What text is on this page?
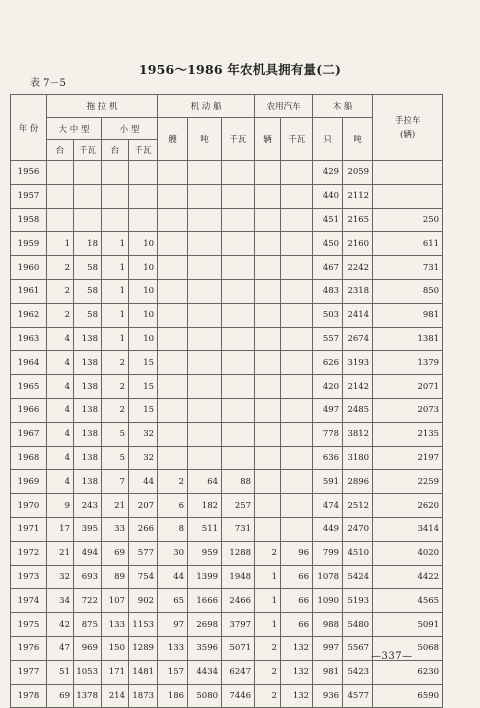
1956～1986 年农机具拥有量(二)
表 7－5
年 份	拖 拉 机				机 动 船			农用汽车		木 船		手拉车
(辆)

	大 中 型		小 型		艘	吨	千瓦	辆	千瓦	只	吨	
	台	千瓦	台	千瓦								
1956										429	2059	
1957										440	2112	
1958										451	2165	250
1959	1	18	1	10						450	2160	611
1960	2	58	1	10						467	2242	731
1961	2	58	1	10						483	2318	850
1962	2	58	1	10						503	2414	981
1963	4	138	1	10						557	2674	1381
1964	4	138	2	15						626	3193	1379
1965	4	138	2	15						420	2142	2071
1966	4	138	2	15						497	2485	2073
1967	4	138	5	32						778	3812	2135
1968	4	138	5	32						636	3180	2197
1969	4	138	7	44	2	64	88			591	2896	2259
1970	9	243	21	207	6	182	257			474	2512	2620
1971	17	395	33	266	8	511	731			449	2470	3414
1972	21	494	69	577	30	959	1288	2	96	799	4510	4020
1973	32	693	89	754	44	1399	1948	1	66	1078	5424	4422
1974	34	722	107	902	65	1666	2466	1	66	1090	5193	4565
1975	42	875	133	1153	97	2698	3797	1	66	988	5480	5091
1976	47	969	150	1289	133	3596	5071	2	132	997	5567	5068
1977	51	1053	171	1481	157	4434	6247	2	132	981	5423	6230
1978	69	1378	214	1873	186	5080	7446	2	132	936	4577	6590
—337—
